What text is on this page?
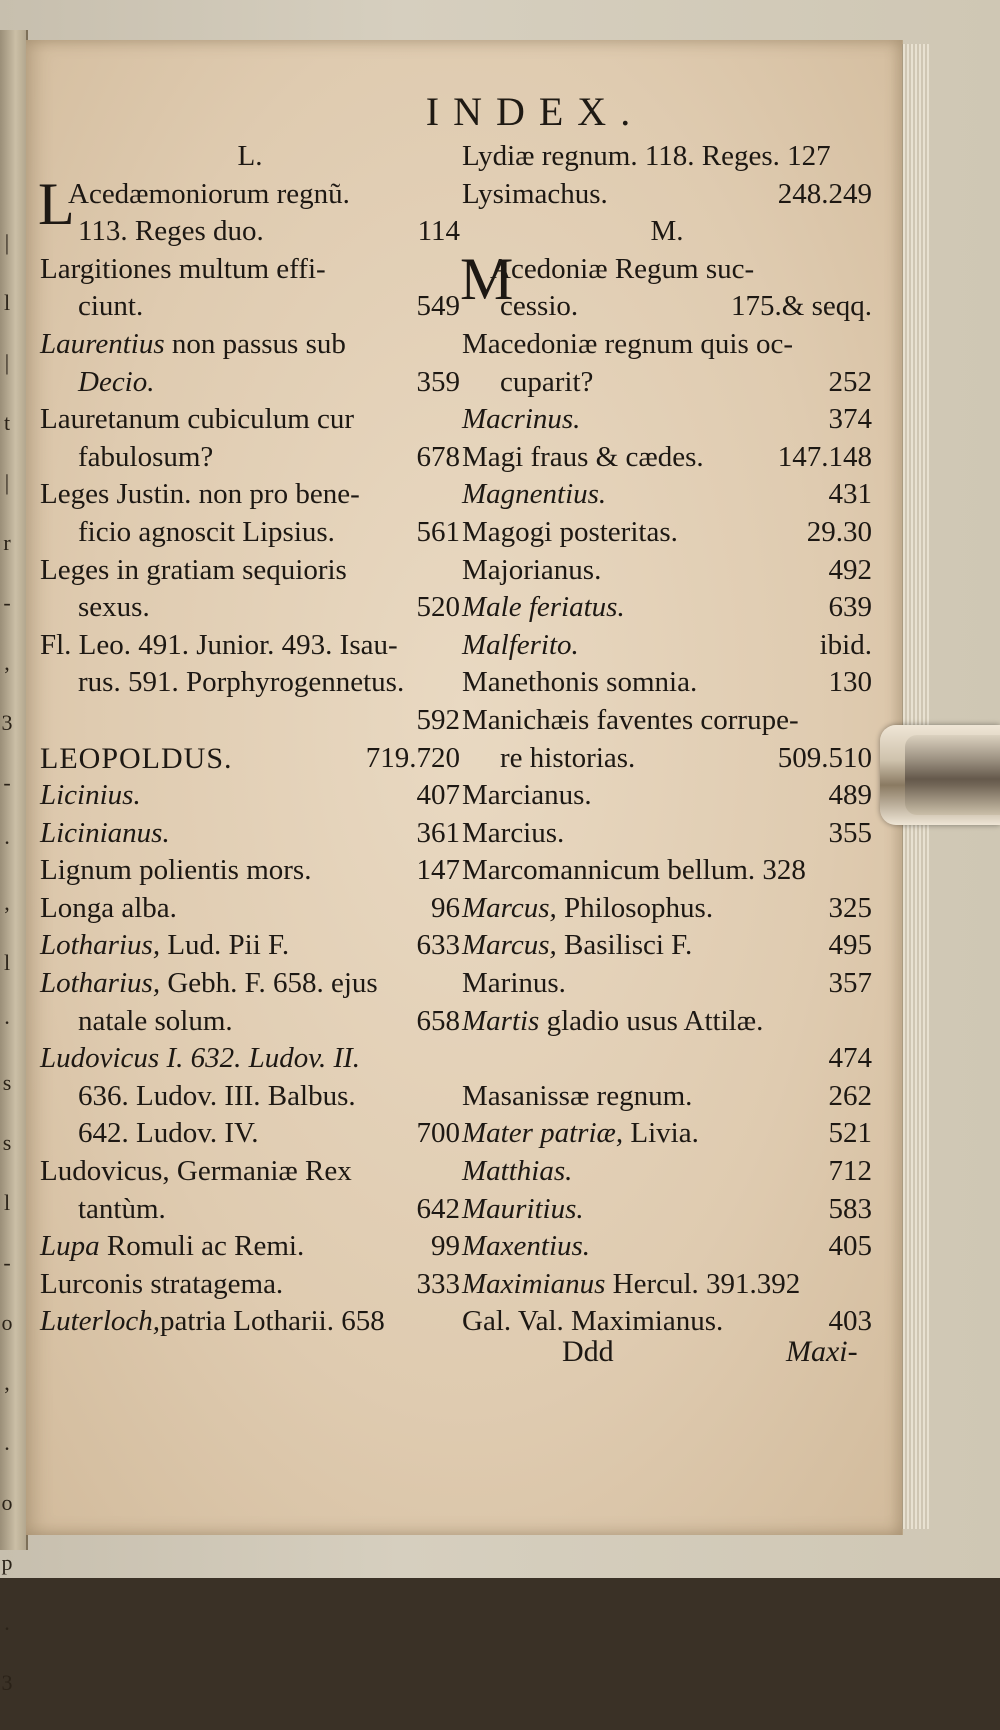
|
l
|
t
|
r
-
,
3
-
·
,
l
·
s
s
l
-
o
,
.
o
p
.
3
INDEX.
L.
L
Acedæmoniorum regnũ.
113. Reges duo.	114
Largitiones multum effi-
ciunt.	549
Laurentius non passus sub
Decio.	359
Lauretanum cubiculum cur
fabulosum?	678
Leges Justin. non pro bene-
ficio agnoscit Lipsius.	561
Leges in gratiam sequioris
sexus.	520
Fl. Leo. 491. Junior. 493. Isau-
rus. 591. Porphyrogennetus.
592
LEOPOLDUS.	719.720
Licinius.	407
Licinianus.	361
Lignum polientis mors.	147
Longa alba.	96
Lotharius, Lud. Pii F.	633
Lotharius, Gebh. F. 658. ejus
natale solum.	658
Ludovicus I. 632. Ludov. II.
636. Ludov. III. Balbus.
642. Ludov. IV.	700
Ludovicus, Germaniæ Rex
tantùm.	642
Lupa Romuli ac Remi.	99
Lurconis stratagema.	333
Luterloch,patria Lotharii. 658
Lydiæ regnum. 118. Reges. 127
Lysimachus.	248.249
M.
M
Acedoniæ Regum suc-
cessio.	175.& seqq.
Macedoniæ regnum quis oc-
cuparit?	252
Macrinus.	374
Magi fraus & cædes.	147.148
Magnentius.	431
Magogi posteritas.	29.30
Majorianus.	492
Male feriatus.	639
Malferito.	ibid.
Manethonis somnia.	130
Manichæis faventes corrupe-
re historias.	509.510
Marcianus.	489
Marcius.	355
Marcomannicum bellum. 328
Marcus, Philosophus.	325
Marcus, Basilisci F.	495
Marinus.	357
Martis gladio usus Attilæ.
474
Masanissæ regnum.	262
Mater patriæ, Livia.	521
Matthias.	712
Mauritius.	583
Maxentius.	405
Maximianus Hercul. 391.392
Gal. Val. Maximianus.	403
Ddd	Maxi-
